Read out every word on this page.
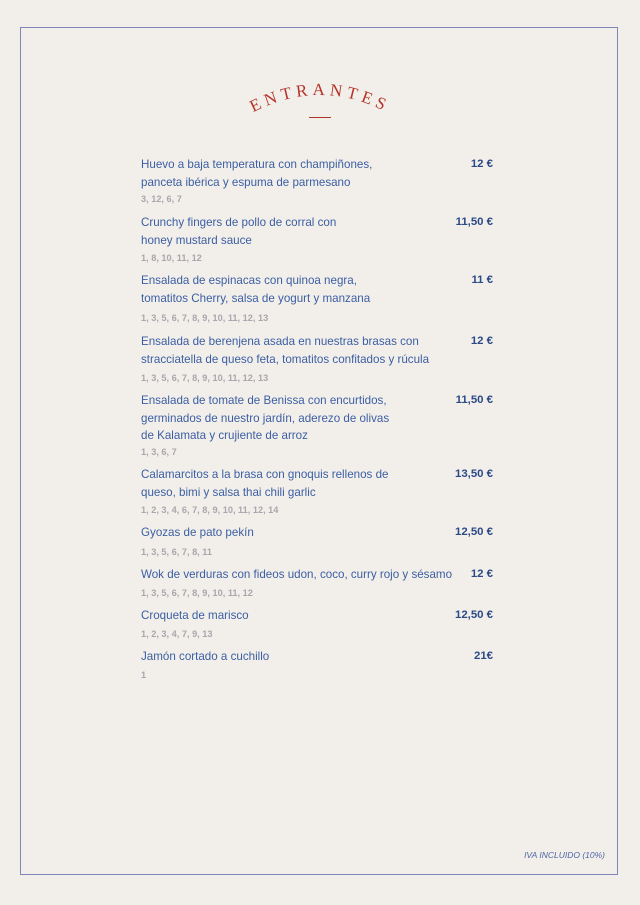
ENTRANTES
Huevo a baja temperatura con champiñones,
panceta ibérica y espuma de parmesano
12 €
3, 12, 6, 7
Crunchy fingers de pollo de corral con
honey mustard sauce
11,50 €
1, 8, 10, 11, 12
Ensalada de espinacas con quinoa negra,
tomatitos Cherry, salsa de yogurt y manzana
11 €
1, 3, 5, 6, 7, 8, 9, 10, 11, 12, 13
Ensalada de berenjena asada en nuestras brasas con
stracciatella de queso feta, tomatitos confitados y rúcula
12 €
1, 3, 5, 6, 7, 8, 9, 10, 11, 12, 13
Ensalada de tomate de Benissa con encurtidos,
germinados de nuestro jardín, aderezo de olivas
de Kalamata y crujiente de arroz
11,50 €
1, 3, 6, 7
Calamarcitos a la brasa con gnoquis rellenos de
queso, bimi y salsa thai chili garlic
13,50 €
1, 2, 3, 4, 6, 7, 8, 9, 10, 11, 12, 14
Gyozas de pato pekín	12,50 €
1, 3, 5, 6, 7, 8, 11
Wok de verduras con fideos udon, coco, curry rojo y sésamo	12 €
1, 3, 5, 6, 7, 8, 9, 10, 11, 12
Croqueta de marisco	12,50 €
1, 2, 3, 4, 7, 9, 13
Jamón cortado a cuchillo	21€
1
IVA INCLUIDO (10%)
